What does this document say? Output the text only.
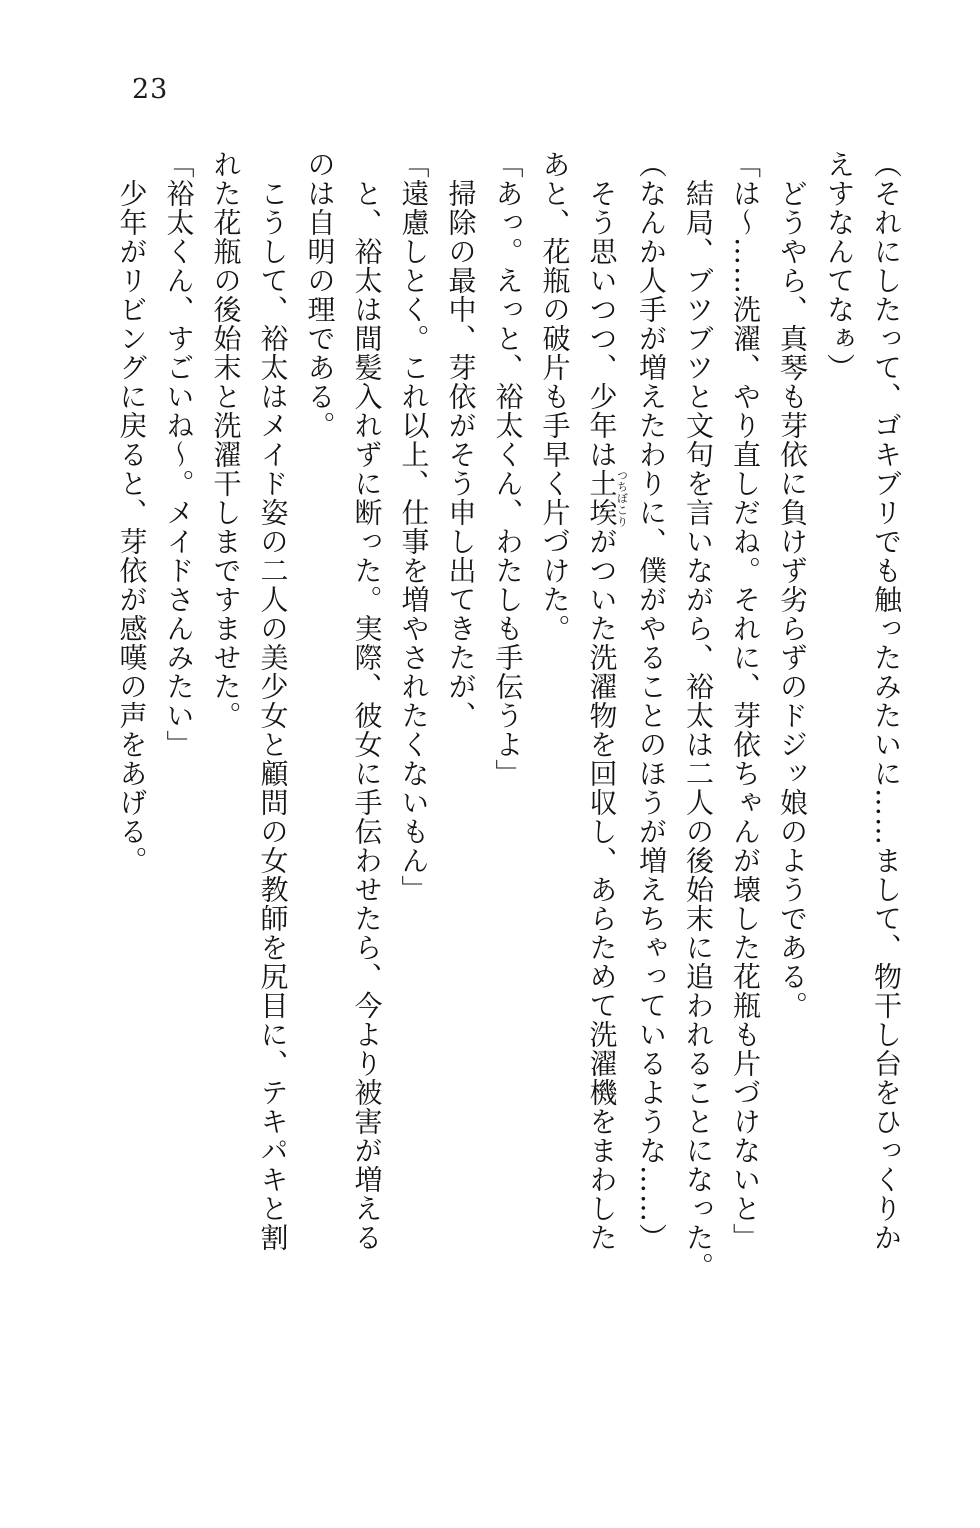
23
（それにしたって、ゴキブリでも触ったみたいに……まして、物干し台をひっくりか
えすなんてなぁ）
どうやら、真琴も芽依に負けず劣らずのドジッ娘のようである。
「は〜……洗濯、やり直しだね。それに、芽依ちゃんが壊した花瓶も片づけないと」
結局、ブツブツと文句を言いながら、裕太は二人の後始末に追われることになった。
（なんか人手が増えたわりに、僕がやることのほうが増えちゃっているような……）
そう思いつつ、少年は土埃つちぼこりがついた洗濯物を回収し、あらためて洗濯機をまわした
あと、花瓶の破片も手早く片づけた。
「あっ。えっと、裕太くん、わたしも手伝うよ」
掃除の最中、芽依がそう申し出てきたが、
「遠慮しとく。これ以上、仕事を増やされたくないもん」
と、裕太は間髪入れずに断った。実際、彼女に手伝わせたら、今より被害が増える
のは自明の理である。
こうして、裕太はメイド姿の二人の美少女と顧問の女教師を尻目に、テキパキと割
れた花瓶の後始末と洗濯干しまですませた。
「裕太くん、すごいね〜。メイドさんみたい」
少年がリビングに戻ると、芽依が感嘆の声をあげる。
